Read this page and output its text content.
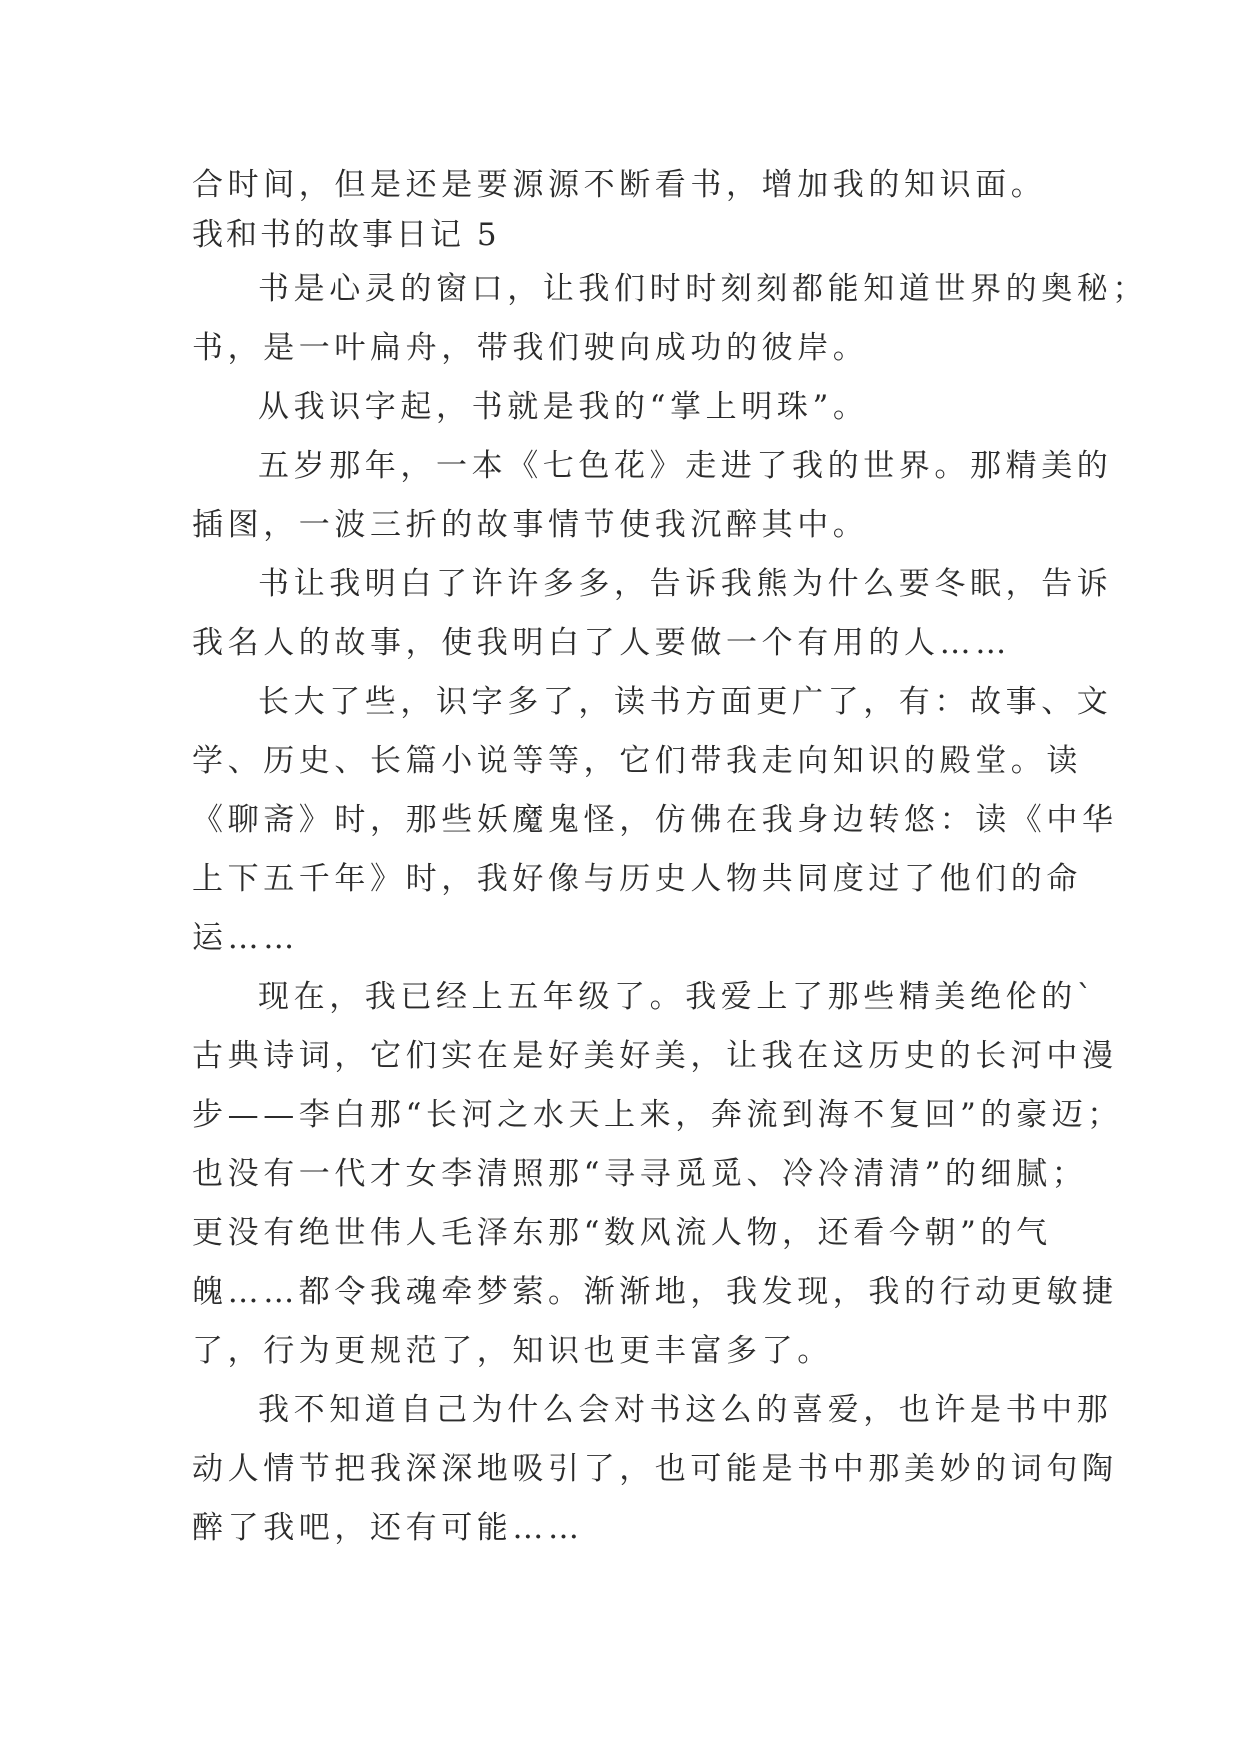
合时间，但是还是要源源不断看书，增加我的知识面。
我和书的故事日记 5
书是心灵的窗口，让我们时时刻刻都能知道世界的奥秘；
书，是一叶扁舟，带我们驶向成功的彼岸。
从我识字起，书就是我的“掌上明珠”。
五岁那年，一本《七色花》走进了我的世界。那精美的
插图，一波三折的故事情节使我沉醉其中。
书让我明白了许许多多，告诉我熊为什么要冬眠，告诉
我名人的故事，使我明白了人要做一个有用的人……
长大了些，识字多了，读书方面更广了，有：故事、文
学、历史、长篇小说等等，它们带我走向知识的殿堂。读
《聊斋》时，那些妖魔鬼怪，仿佛在我身边转悠：读《中华
上下五千年》时，我好像与历史人物共同度过了他们的命
运……
现在，我已经上五年级了。我爱上了那些精美绝伦的`
古典诗词，它们实在是好美好美，让我在这历史的长河中漫
步——李白那“长河之水天上来，奔流到海不复回”的豪迈；
也没有一代才女李清照那“寻寻觅觅、冷冷清清”的细腻；
更没有绝世伟人毛泽东那“数风流人物，还看今朝”的气
魄……都令我魂牵梦萦。渐渐地，我发现，我的行动更敏捷
了，行为更规范了，知识也更丰富多了。
我不知道自己为什么会对书这么的喜爱，也许是书中那
动人情节把我深深地吸引了，也可能是书中那美妙的词句陶
醉了我吧，还有可能……
